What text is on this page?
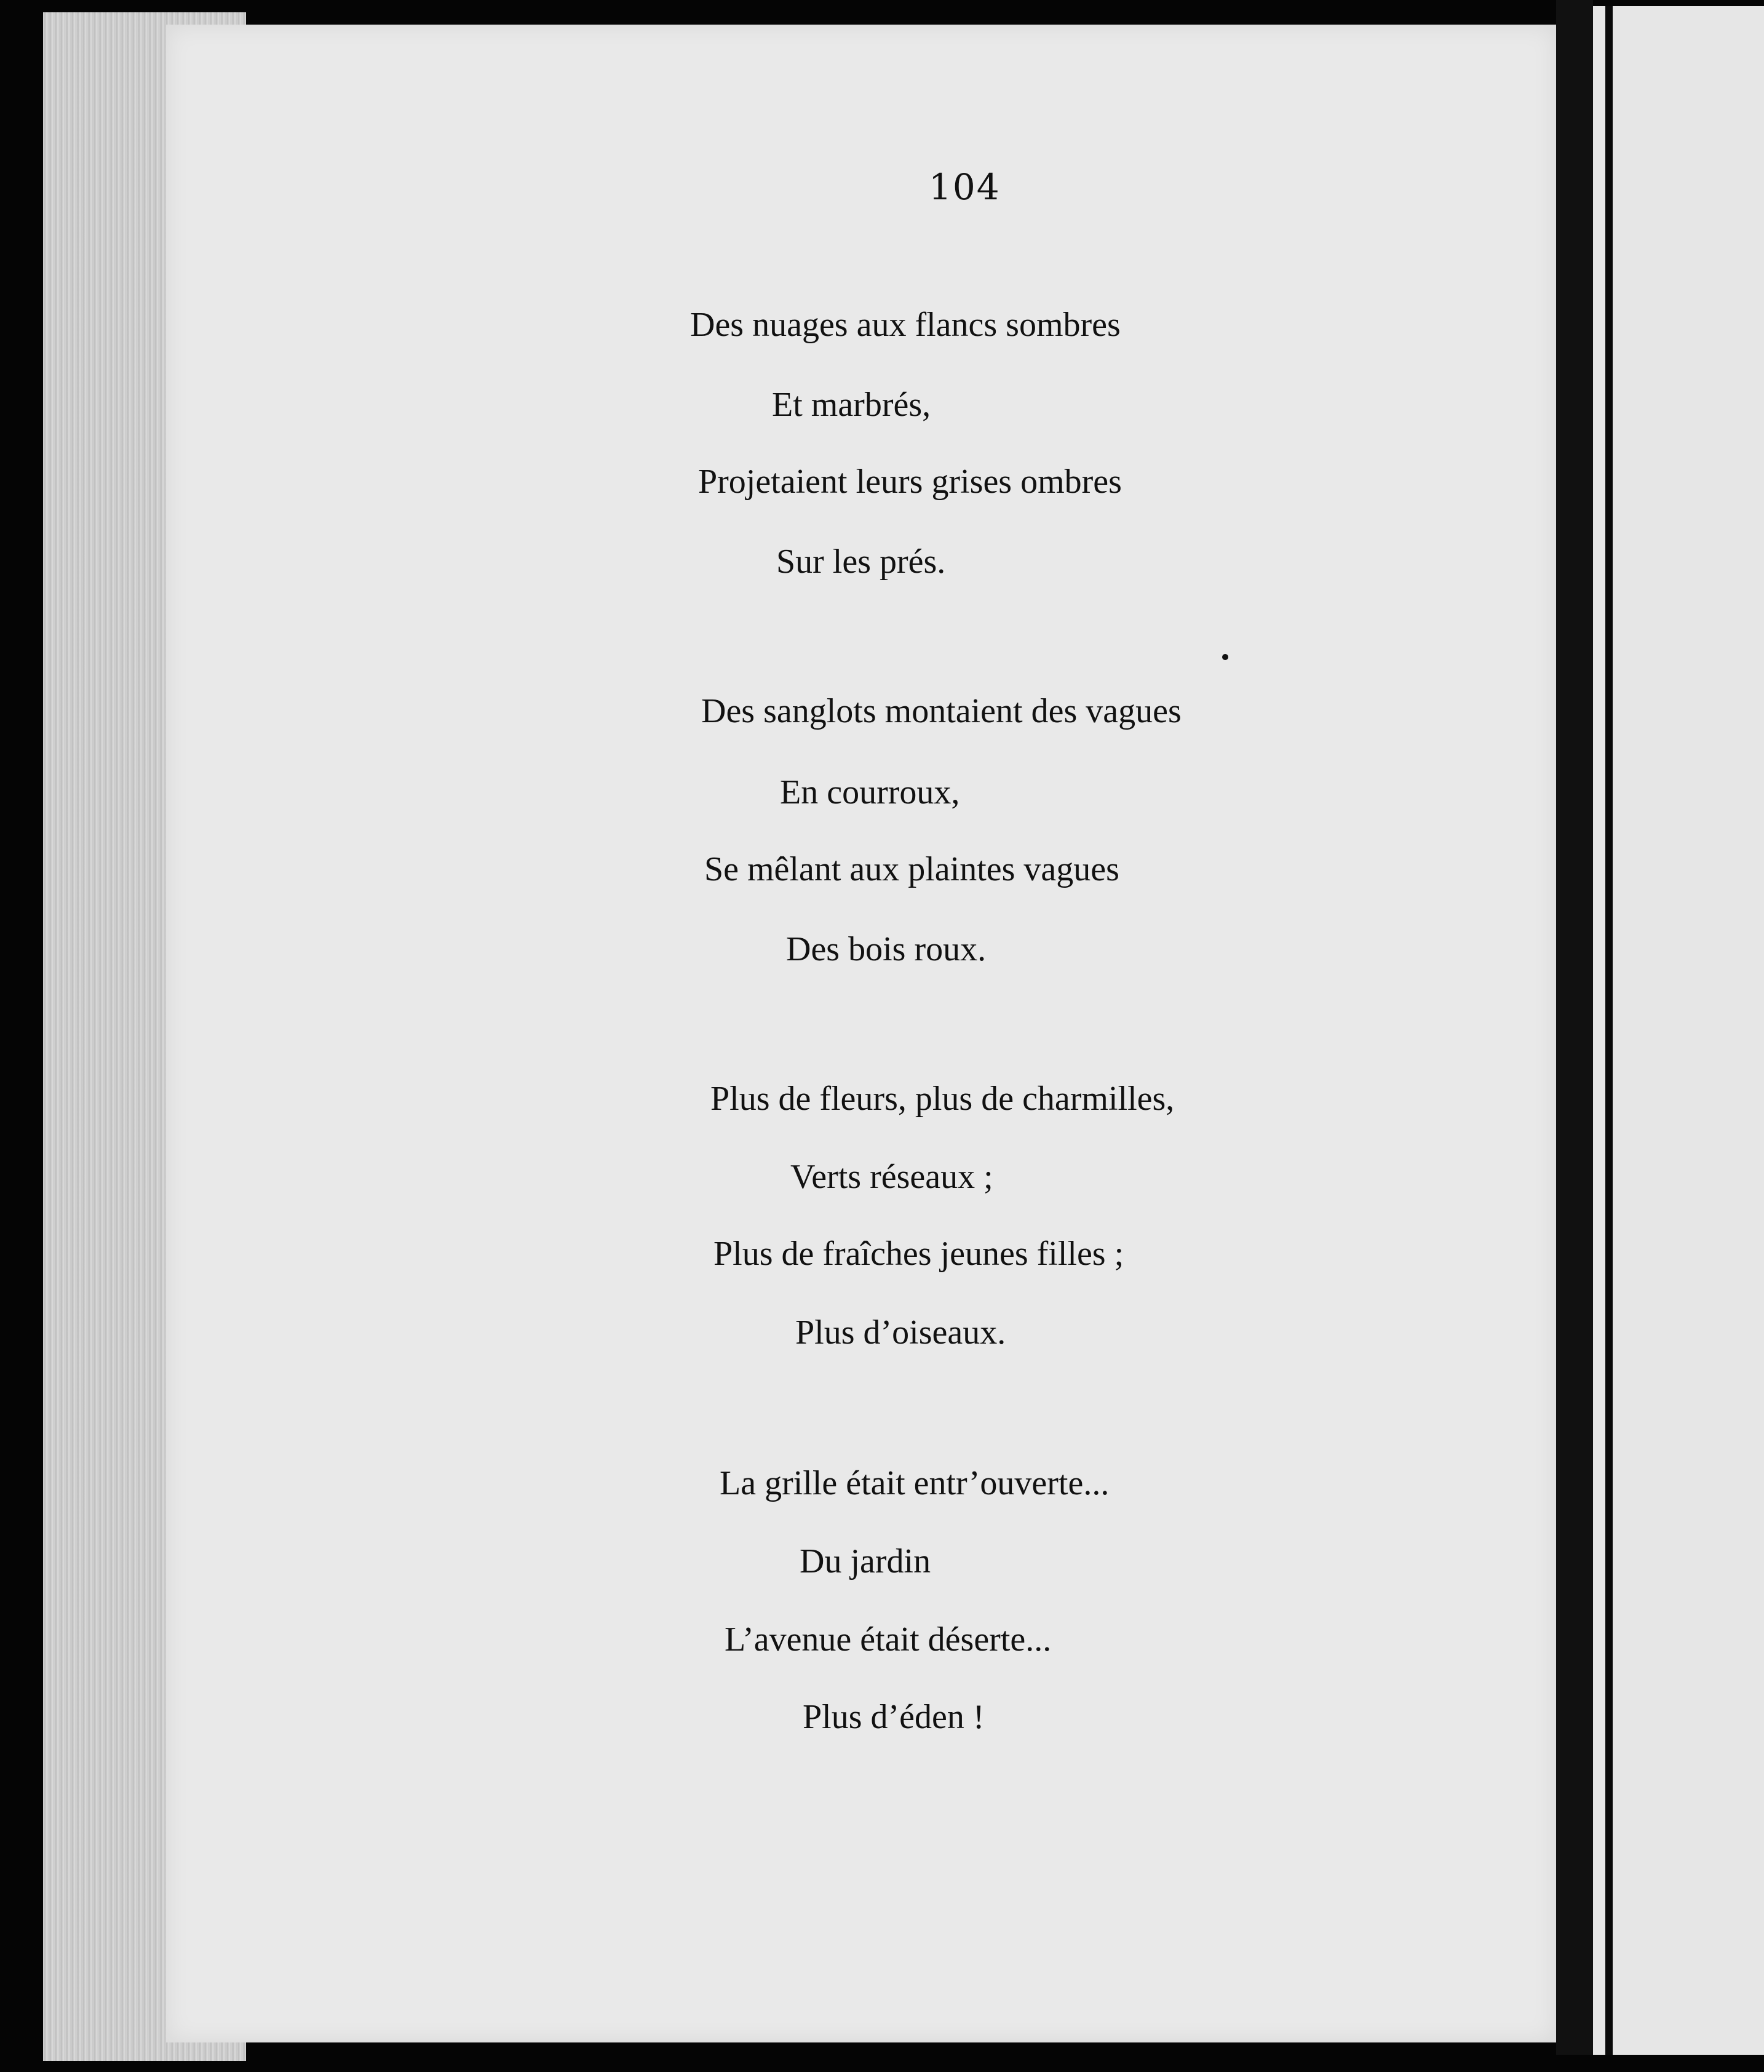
104
Des nuages aux flancs sombres
Et marbrés,
Projetaient leurs grises ombres
Sur les prés.
Des sanglots montaient des vagues
En courroux,
Se mêlant aux plaintes vagues
Des bois roux.
Plus de fleurs, plus de charmilles,
Verts réseaux ;
Plus de fraîches jeunes filles ;
Plus d’oiseaux.
La grille était entr’ouverte...
Du jardin
L’avenue était déserte...
Plus d’éden !
